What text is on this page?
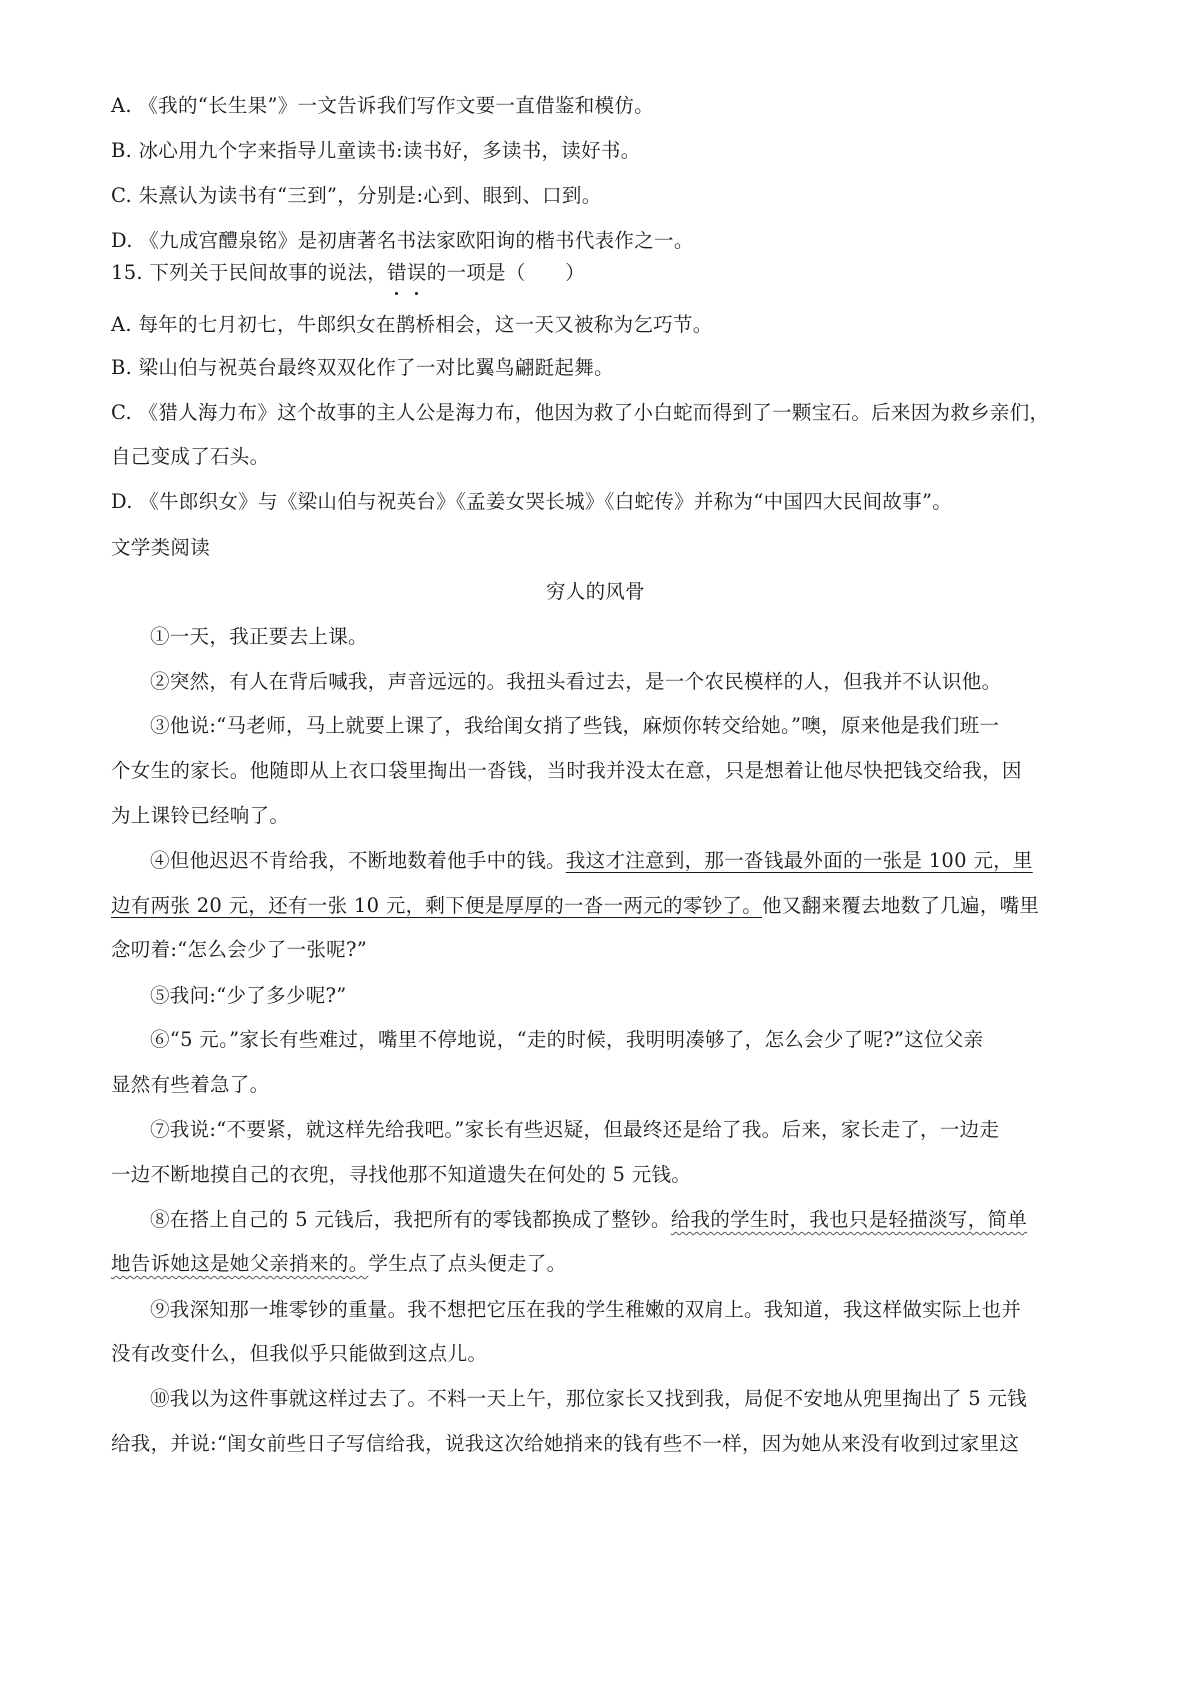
A. 《我的“长生果”》一文告诉我们写作文要一直借鉴和模仿。
B. 冰心用九个字来指导儿童读书:读书好，多读书，读好书。
C. 朱熹认为读书有“三到”，分别是:心到、眼到、口到。
D. 《九成宫醴泉铭》是初唐著名书法家欧阳询的楷书代表作之一。
15. 下列关于民间故事的说法，错误的一项是（　　）
A. 每年的七月初七，牛郎织女在鹊桥相会，这一天又被称为乞巧节。
B. 梁山伯与祝英台最终双双化作了一对比翼鸟翩跹起舞。
C. 《猎人海力布》这个故事的主人公是海力布，他因为救了小白蛇而得到了一颗宝石。后来因为救乡亲们，
自己变成了石头。
D. 《牛郎织女》与《梁山伯与祝英台》《孟姜女哭长城》《白蛇传》并称为“中国四大民间故事”。
文学类阅读
穷人的风骨
①一天，我正要去上课。
②突然，有人在背后喊我，声音远远的。我扭头看过去，是一个农民模样的人，但我并不认识他。
③他说:“马老师，马上就要上课了，我给闺女捎了些钱，麻烦你转交给她。”噢，原来他是我们班一
个女生的家长。他随即从上衣口袋里掏出一沓钱，当时我并没太在意，只是想着让他尽快把钱交给我，因
为上课铃已经响了。
④但他迟迟不肯给我，不断地数着他手中的钱。我这才注意到，那一沓钱最外面的一张是 100 元，里
边有两张 20 元，还有一张 10 元，剩下便是厚厚的一沓一两元的零钞了。他又翻来覆去地数了几遍，嘴里
念叨着:“怎么会少了一张呢?”
⑤我问:“少了多少呢?”
⑥“5 元。”家长有些难过，嘴里不停地说，“走的时候，我明明凑够了，怎么会少了呢?”这位父亲
显然有些着急了。
⑦我说:“不要紧，就这样先给我吧。”家长有些迟疑，但最终还是给了我。后来，家长走了，一边走
一边不断地摸自己的衣兜，寻找他那不知道遗失在何处的 5 元钱。
⑧在搭上自己的 5 元钱后，我把所有的零钱都换成了整钞。给我的学生时，我也只是轻描淡写，简单
地告诉她这是她父亲捎来的。学生点了点头便走了。
⑨我深知那一堆零钞的重量。我不想把它压在我的学生稚嫩的双肩上。我知道，我这样做实际上也并
没有改变什么，但我似乎只能做到这点儿。
⑩我以为这件事就这样过去了。不料一天上午，那位家长又找到我，局促不安地从兜里掏出了 5 元钱
给我，并说:“闺女前些日子写信给我，说我这次给她捎来的钱有些不一样，因为她从来没有收到过家里这
